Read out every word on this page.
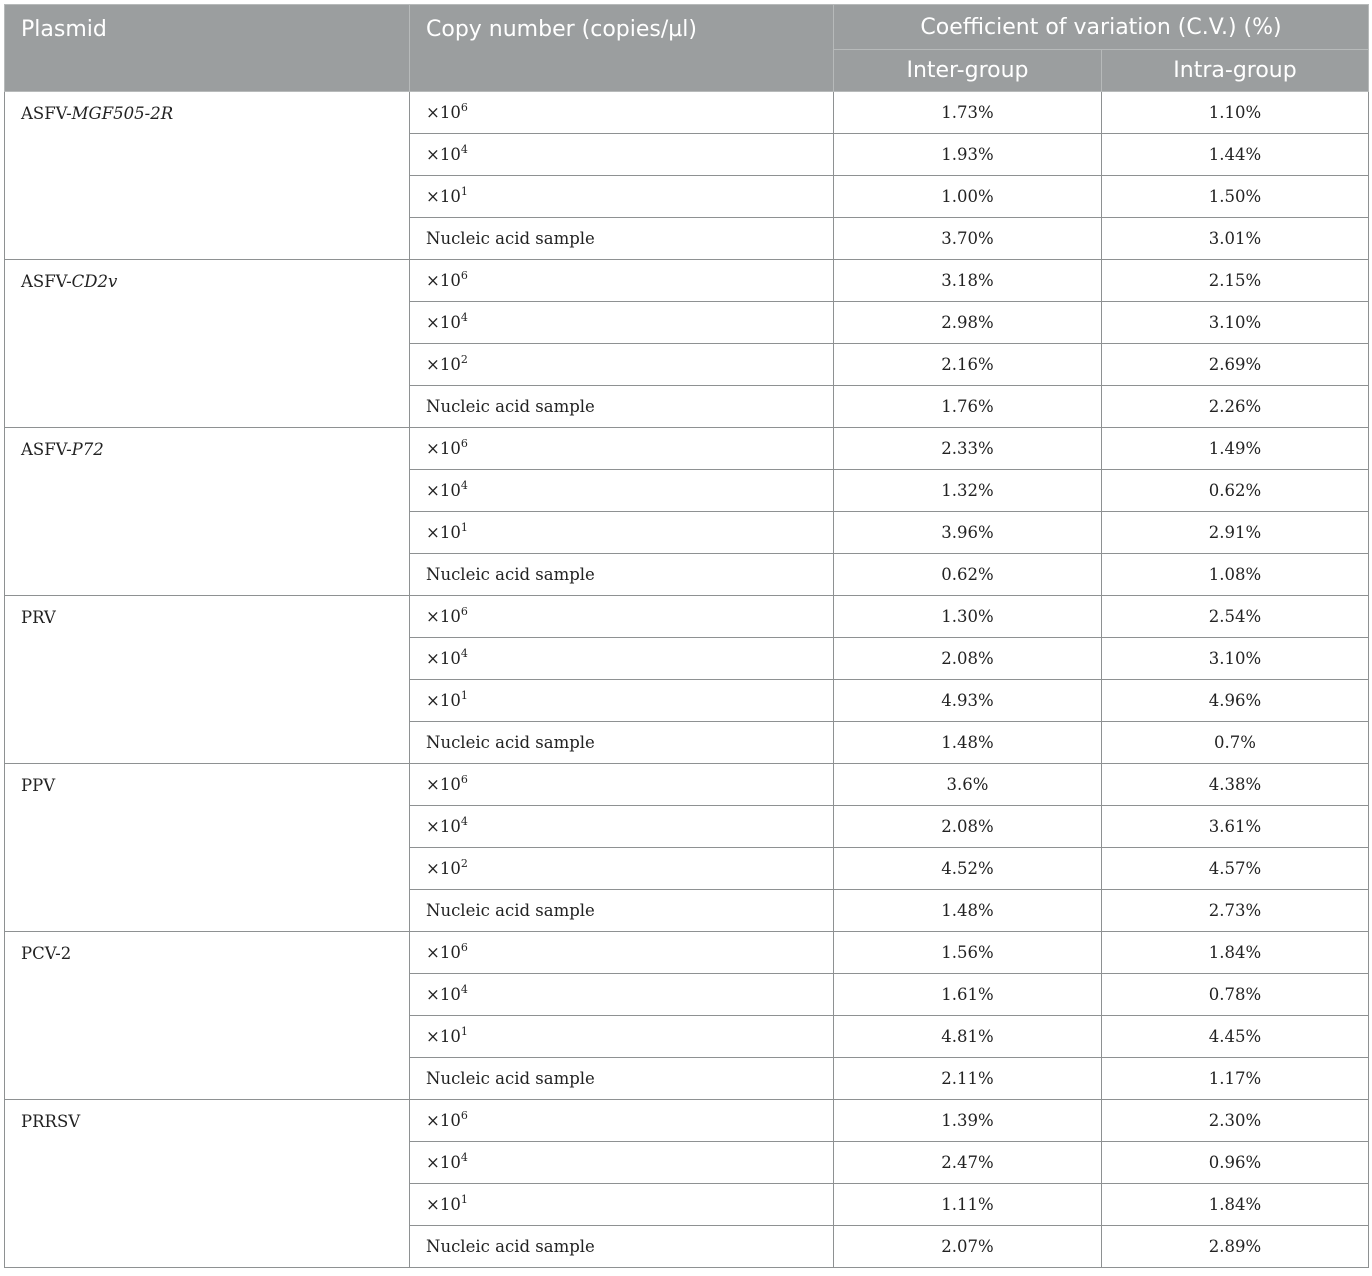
Plasmid	Copy number (copies/µl)	Coefficient of variation (C.V.) (%)	
		Inter-group	Intra-group
ASFV-MGF505-2R	$\times 10^6$	1.73%	1.10%
	$\times 10^4$	1.93%	1.44%
	$\times 10^1$	1.00%	1.50%
	Nucleic acid sample	3.70%	3.01%
ASFV-CD2v	$\times 10^6$	3.18%	2.15%
	$\times 10^4$	2.98%	3.10%
	$\times 10^2$	2.16%	2.69%
	Nucleic acid sample	1.76%	2.26%
ASFV-P72	$\times 10^6$	2.33%	1.49%
	$\times 10^4$	1.32%	0.62%
	$\times 10^1$	3.96%	2.91%
	Nucleic acid sample	0.62%	1.08%
PRV	$\times 10^6$	1.30%	2.54%
	$\times 10^4$	2.08%	3.10%
	$\times 10^1$	4.93%	4.96%
	Nucleic acid sample	1.48%	0.7%
PPV	$\times 10^6$	3.6%	4.38%
	$\times 10^4$	2.08%	3.61%
	$\times 10^2$	4.52%	4.57%
	Nucleic acid sample	1.48%	2.73%
PCV-2	$\times 10^6$	1.56%	1.84%
	$\times 10^4$	1.61%	0.78%
	$\times 10^1$	4.81%	4.45%
	Nucleic acid sample	2.11%	1.17%
PRRSV	$\times 10^6$	1.39%	2.30%
	$\times 10^4$	2.47%	0.96%
	$\times 10^1$	1.11%	1.84%
	Nucleic acid sample	2.07%	2.89%
